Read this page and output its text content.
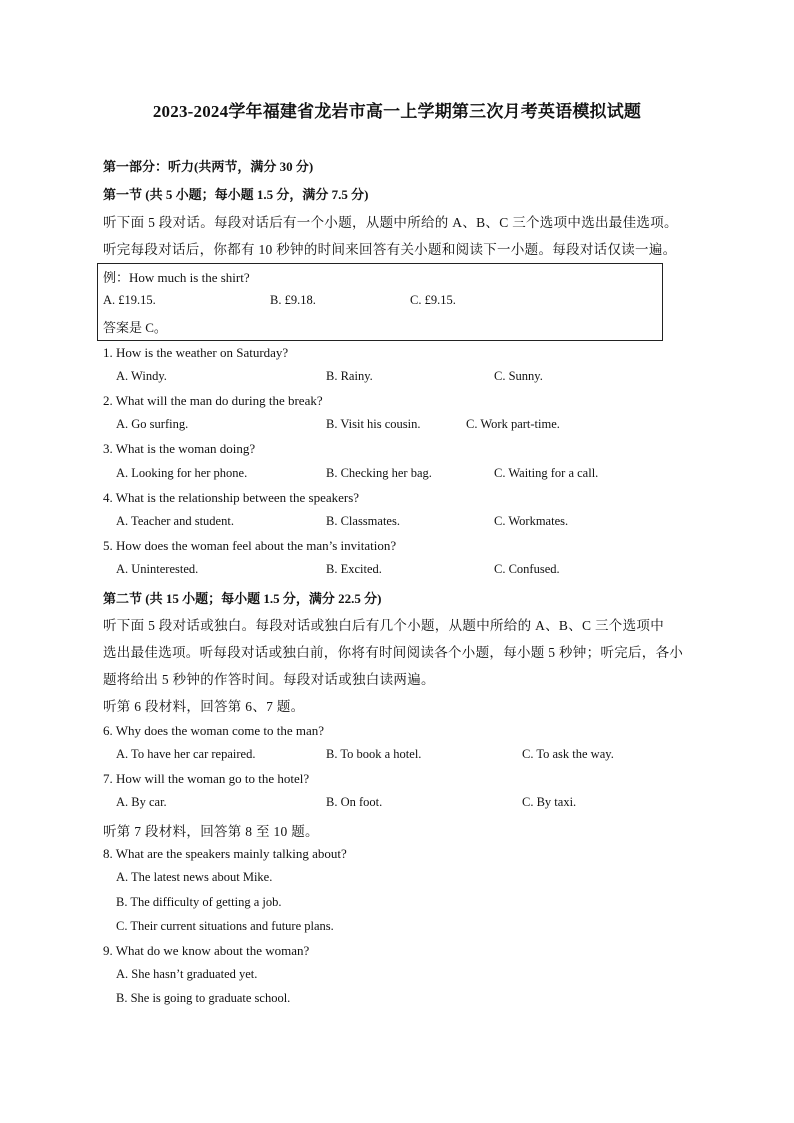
2023-2024学年福建省龙岩市高一上学期第三次月考英语模拟试题
第一部分：听力(共两节，满分 30 分)
第一节 (共 5 小题；每小题 1.5 分，满分 7.5 分)
听下面 5 段对话。每段对话后有一个小题，从题中所给的 A、B、C 三个选项中选出最佳选项。
听完每段对话后，你都有 10 秒钟的时间来回答有关小题和阅读下一小题。每段对话仅读一遍。
例：How much is the shirt?
A. £19.15.	B. £9.18.	C. £9.15.
答案是 C。
1. How is the weather on Saturday?
A. Windy.	B. Rainy.	C. Sunny.
2. What will the man do during the break?
A. Go surfing.	B. Visit his cousin.	C. Work part-time.
3. What is the woman doing?
A. Looking for her phone.	B. Checking her bag.	C. Waiting for a call.
4. What is the relationship between the speakers?
A. Teacher and student.	B. Classmates.	C. Workmates.
5. How does the woman feel about the man’s invitation?
A. Uninterested.	B. Excited.	C. Confused.
第二节 (共 15 小题；每小题 1.5 分，满分 22.5 分)
听下面 5 段对话或独白。每段对话或独白后有几个小题，从题中所给的 A、B、C 三个选项中
选出最佳选项。听每段对话或独白前，你将有时间阅读各个小题，每小题 5 秒钟；听完后，各小
题将给出 5 秒钟的作答时间。每段对话或独白读两遍。
听第 6 段材料，回答第 6、7 题。
6. Why does the woman come to the man?
A. To have her car repaired.	B. To book a hotel.	C. To ask the way.
7. How will the woman go to the hotel?
A. By car.	B. On foot.	C. By taxi.
听第 7 段材料，回答第 8 至 10 题。
8. What are the speakers mainly talking about?
A. The latest news about Mike.
B. The difficulty of getting a job.
C. Their current situations and future plans.
9. What do we know about the woman?
A. She hasn’t graduated yet.
B. She is going to graduate school.
